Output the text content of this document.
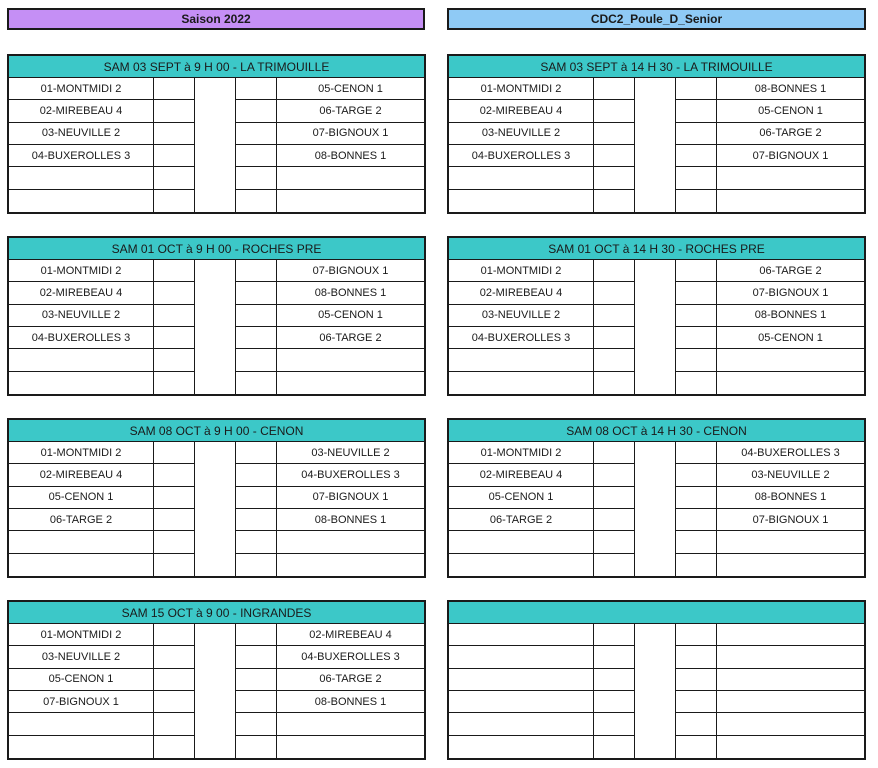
Saison 2022	CDC2_Poule_D_Senior
SAM 03 SEPT à 9 H 00 - LA TRIMOUILLE
01-MONTMIDI 2	05-CENON 1
02-MIREBEAU 4	06-TARGE 2
03-NEUVILLE 2	07-BIGNOUX 1
04-BUXEROLLES 3	08-BONNES 1
SAM 03 SEPT à 14 H 30 - LA TRIMOUILLE
01-MONTMIDI 2	08-BONNES 1
02-MIREBEAU 4	05-CENON 1
03-NEUVILLE 2	06-TARGE 2
04-BUXEROLLES 3	07-BIGNOUX 1
SAM 01 OCT à 9 H 00 - ROCHES PRE
01-MONTMIDI 2	07-BIGNOUX 1
02-MIREBEAU 4	08-BONNES 1
03-NEUVILLE 2	05-CENON 1
04-BUXEROLLES 3	06-TARGE 2
SAM 01 OCT à 14 H 30 - ROCHES PRE
01-MONTMIDI 2	06-TARGE 2
02-MIREBEAU 4	07-BIGNOUX 1
03-NEUVILLE 2	08-BONNES 1
04-BUXEROLLES 3	05-CENON 1
SAM 08 OCT à 9 H 00 - CENON
01-MONTMIDI 2	03-NEUVILLE 2
02-MIREBEAU 4	04-BUXEROLLES 3
05-CENON 1	07-BIGNOUX 1
06-TARGE 2	08-BONNES 1
SAM 08 OCT à 14 H 30 - CENON
01-MONTMIDI 2	04-BUXEROLLES 3
02-MIREBEAU 4	03-NEUVILLE 2
05-CENON 1	08-BONNES 1
06-TARGE 2	07-BIGNOUX 1
SAM 15 OCT à 9 00 - INGRANDES
01-MONTMIDI 2	02-MIREBEAU 4
03-NEUVILLE 2	04-BUXEROLLES 3
05-CENON 1	06-TARGE 2
07-BIGNOUX 1	08-BONNES 1
